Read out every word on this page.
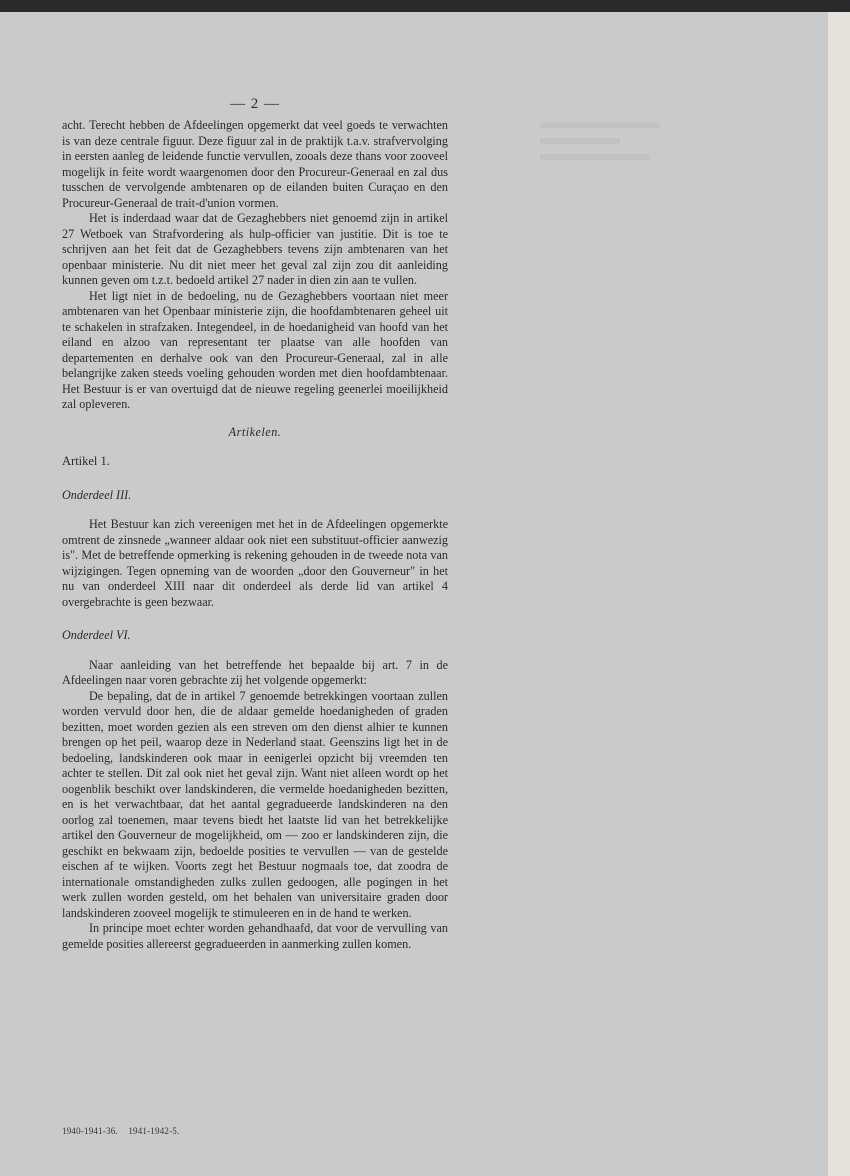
— 2 —

acht. Terecht hebben de Afdeelingen opgemerkt dat veel goeds te verwachten is van deze centrale figuur. Deze figuur zal in de praktijk t.a.v. strafvervolging in eersten aanleg de leidende functie vervullen, zooals deze thans voor zooveel mogelijk in feite wordt waargenomen door den Procureur-Generaal en zal dus tusschen de vervolgende ambtenaren op de eilanden buiten Curaçao en den Procureur-Generaal de trait-d'union vormen.

Het is inderdaad waar dat de Gezaghebbers niet genoemd zijn in artikel 27 Wetboek van Strafvordering als hulp-officier van justitie. Dit is toe te schrijven aan het feit dat de Gezaghebbers tevens zijn ambtenaren van het openbaar ministerie. Nu dit niet meer het geval zal zijn zou dit aanleiding kunnen geven om t.z.t. bedoeld artikel 27 nader in dien zin aan te vullen.

Het ligt niet in de bedoeling, nu de Gezaghebbers voortaan niet meer ambtenaren van het Openbaar ministerie zijn, die hoofdambtenaren geheel uit te schakelen in strafzaken. Integendeel, in de hoedanigheid van hoofd van het eiland en alzoo van representant ter plaatse van alle hoofden van departementen en derhalve ook van den Procureur-Generaal, zal in alle belangrijke zaken steeds voeling gehouden worden met dien hoofdambtenaar. Het Bestuur is er van overtuigd dat de nieuwe regeling geenerlei moeilijkheid zal opleveren.

Artikelen.
Artikel 1.
Onderdeel III.

Het Bestuur kan zich vereenigen met het in de Afdeelingen opgemerkte omtrent de zinsnede „wanneer aldaar ook niet een substituut-officier aanwezig is". Met de betreffende opmerking is rekening gehouden in de tweede nota van wijzigingen. Tegen opneming van de woorden „door den Gouverneur" in het nu van onderdeel XIII naar dit onderdeel als derde lid van artikel 4 overgebrachte is geen bezwaar.

Onderdeel VI.

Naar aanleiding van het betreffende het bepaalde bij art. 7 in de Afdeelingen naar voren gebrachte zij het volgende opgemerkt:

De bepaling, dat de in artikel 7 genoemde betrekkingen voortaan zullen worden vervuld door hen, die de aldaar gemelde hoedanigheden of graden bezitten, moet worden gezien als een streven om den dienst alhier te kunnen brengen op het peil, waarop deze in Nederland staat. Geenszins ligt het in de bedoeling, landskinderen ook maar in eenigerlei opzicht bij vreemden ten achter te stellen. Dit zal ook niet het geval zijn. Want niet alleen wordt op het oogenblik beschikt over landskinderen, die vermelde hoedanigheden bezitten, en is het verwachtbaar, dat het aantal gegradueerde landskinderen na den oorlog zal toenemen, maar tevens biedt het laatste lid van het betrekkelijke artikel den Gouverneur de mogelijkheid, om — zoo er landskinderen zijn, die geschikt en bekwaam zijn, bedoelde posities te vervullen — van de gestelde eischen af te wijken. Voorts zegt het Bestuur nogmaals toe, dat zoodra de internationale omstandigheden zulks zullen gedoogen, alle pogingen in het werk zullen worden gesteld, om het behalen van universitaire graden door landskinderen zooveel mogelijk te stimuleeren en in de hand te werken.

In principe moet echter worden gehandhaafd, dat voor de vervulling van gemelde posities allereerst gegradueerden in aanmerking zullen komen.

1940-1941-36. 1941-1942-5.
